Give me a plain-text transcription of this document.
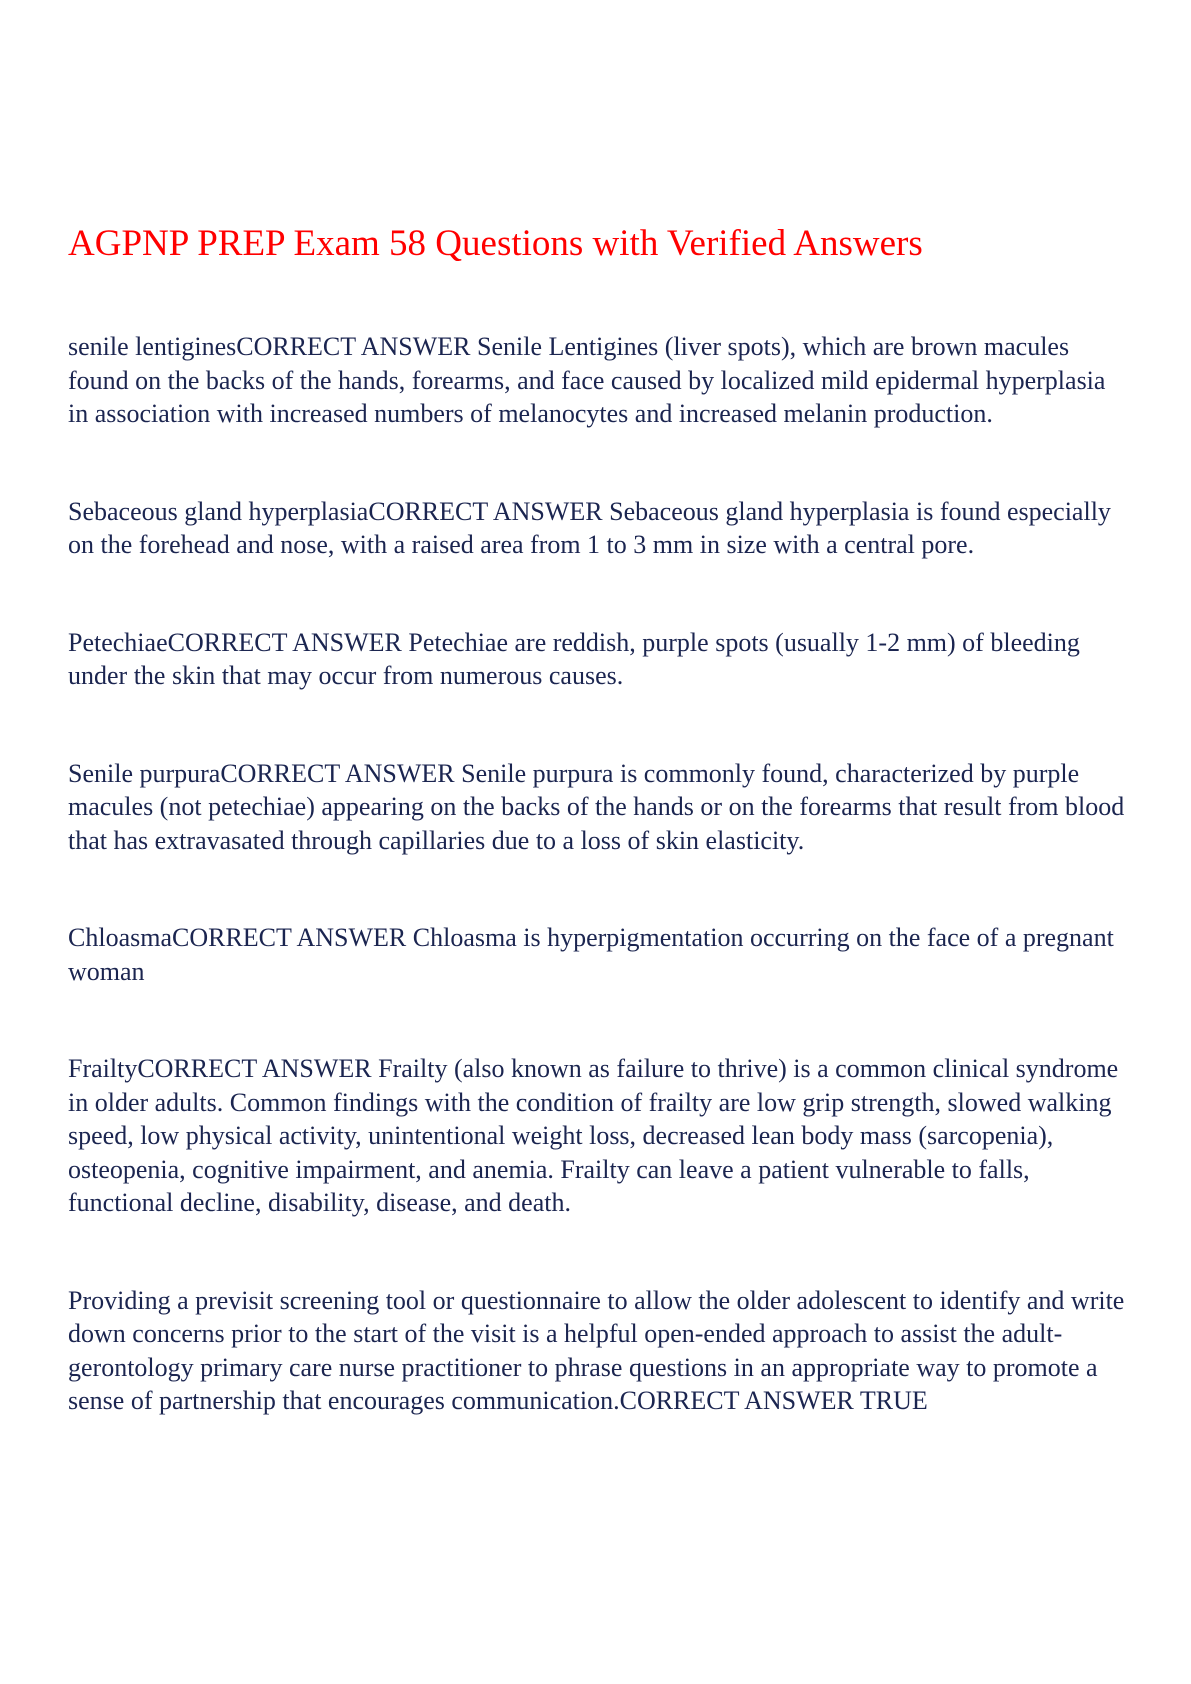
AGPNP PREP Exam 58 Questions with Verified Answers

senile lentiginesCORRECT ANSWER Senile Lentigines (liver spots), which are brown macules found on the backs of the hands, forearms, and face caused by localized mild epidermal hyperplasia in association with increased numbers of melanocytes and increased melanin production.

Sebaceous gland hyperplasiaCORRECT ANSWER Sebaceous gland hyperplasia is found especially on the forehead and nose, with a raised area from 1 to 3 mm in size with a central pore.

PetechiaeCORRECT ANSWER Petechiae are reddish, purple spots (usually 1-2 mm) of bleeding under the skin that may occur from numerous causes.

Senile purpuraCORRECT ANSWER Senile purpura is commonly found, characterized by purple macules (not petechiae) appearing on the backs of the hands or on the forearms that result from blood that has extravasated through capillaries due to a loss of skin elasticity.

ChloasmaCORRECT ANSWER Chloasma is hyperpigmentation occurring on the face of a pregnant woman

FrailtyCORRECT ANSWER Frailty (also known as failure to thrive) is a common clinical syndrome in older adults. Common findings with the condition of frailty are low grip strength, slowed walking speed, low physical activity, unintentional weight loss, decreased lean body mass (sarcopenia), osteopenia, cognitive impairment, and anemia. Frailty can leave a patient vulnerable to falls, functional decline, disability, disease, and death.

Providing a previsit screening tool or questionnaire to allow the older adolescent to identify and write down concerns prior to the start of the visit is a helpful open-ended approach to assist the adult-gerontology primary care nurse practitioner to phrase questions in an appropriate way to promote a sense of partnership that encourages communication.CORRECT ANSWER TRUE
